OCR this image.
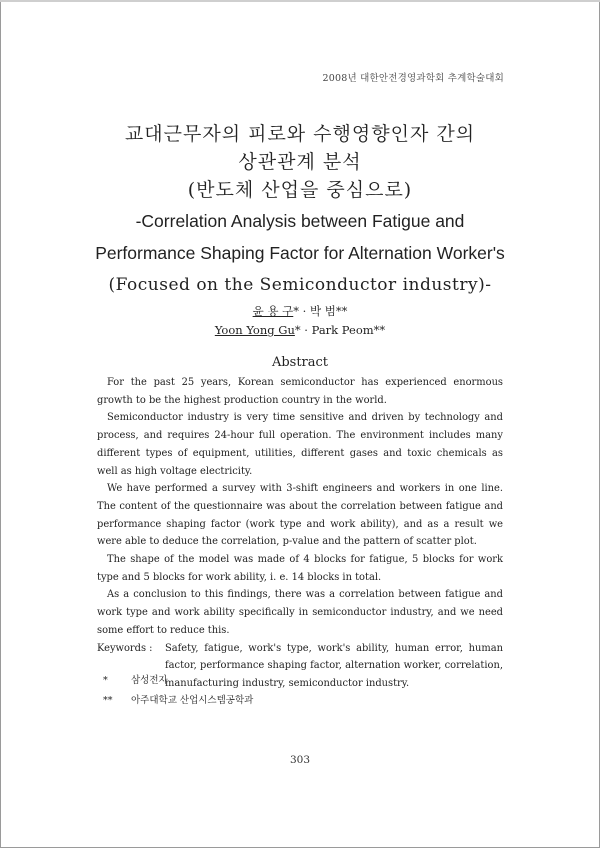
2008년 대한안전경영과학회 추계학술대회
교대근무자의 피로와 수행영향인자 간의
상관관계 분석
(반도체 산업을 중심으로)
-Correlation Analysis between Fatigue and
Performance Shaping Factor for Alternation Worker's
(Focused on the Semiconductor industry)-
윤 용 구* · 박 범**
Yoon Yong Gu* · Park Peom**
Abstract

For the past 25 years, Korean semiconductor has experienced enormous growth to be the highest production country in the world.

Semiconductor industry is very time sensitive and driven by technology and process, and requires 24-hour full operation. The environment includes many different types of equipment, utilities, different gases and toxic chemicals as well as high voltage electricity.

We have performed a survey with 3-shift engineers and workers in one line. The content of the questionnaire was about the correlation between fatigue and performance shaping factor (work type and work ability), and as a result we were able to deduce the correlation, p-value and the pattern of scatter plot.

The shape of the model was made of 4 blocks for fatigue, 5 blocks for work type and 5 blocks for work ability, i. e. 14 blocks in total.

As a conclusion to this findings, there was a correlation between fatigue and work type and work ability specifically in semiconductor industry, and we need some effort to reduce this.

Keywords :	Safety, fatigue, work's type, work's ability, human error, human factor, performance shaping factor, alternation worker, correlation, manufacturing industry, semiconductor industry.
*	삼성전자
**	아주대학교 산업시스템공학과
303
